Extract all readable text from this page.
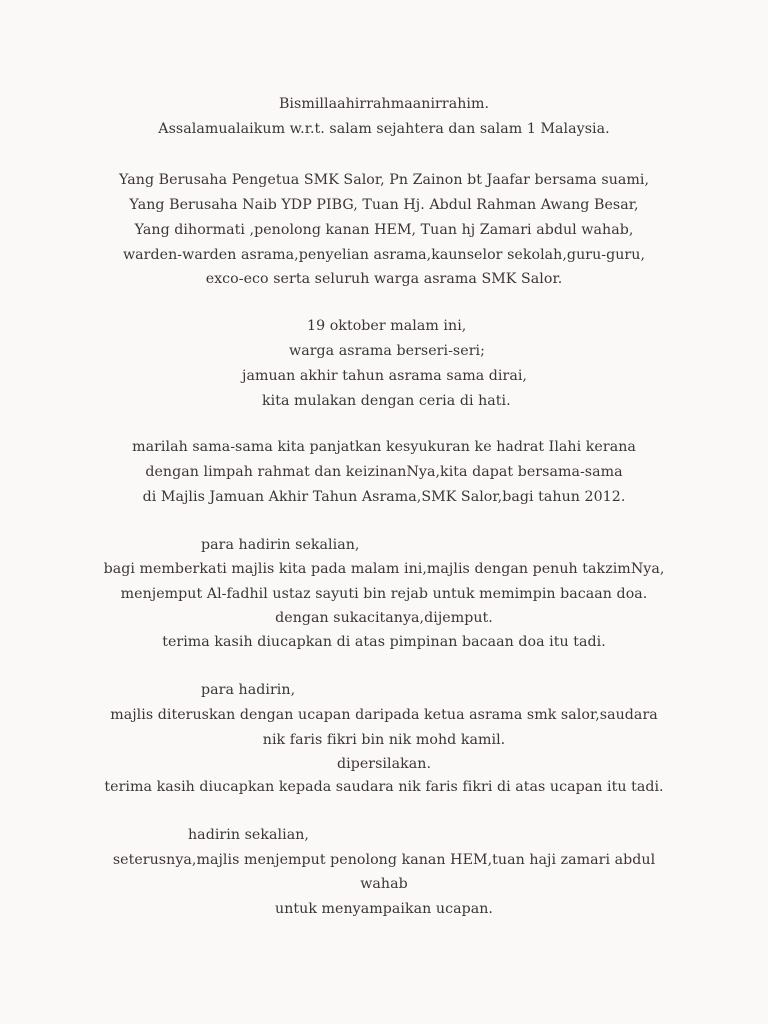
Bismillaahirrahmaanirrahim.
Assalamualaikum w.r.t. salam sejahtera dan salam 1 Malaysia.
Yang Berusaha Pengetua SMK Salor, Pn Zainon bt Jaafar bersama suami,
Yang Berusaha Naib YDP PIBG, Tuan Hj. Abdul Rahman Awang Besar,
Yang dihormati ,penolong kanan HEM, Tuan hj Zamari abdul wahab,
warden-warden asrama,penyelian asrama,kaunselor sekolah,guru-guru,
exco-eco serta seluruh warga asrama SMK Salor.
19 oktober malam ini,
warga asrama berseri-seri;
jamuan akhir tahun asrama sama dirai,
kita mulakan dengan ceria di hati.
marilah sama-sama kita panjatkan kesyukuran ke hadrat Ilahi kerana
dengan limpah rahmat dan keizinanNya,kita dapat bersama-sama
di Majlis Jamuan Akhir Tahun Asrama,SMK Salor,bagi tahun 2012.
para hadirin sekalian,
bagi memberkati majlis kita pada malam ini,majlis dengan penuh takzimNya,
menjemput Al-fadhil ustaz sayuti bin rejab untuk memimpin bacaan doa.
dengan sukacitanya,dijemput.
terima kasih diucapkan di atas pimpinan bacaan doa itu tadi.
para hadirin,
majlis diteruskan dengan ucapan daripada ketua asrama smk salor,saudara
nik faris fikri bin nik mohd kamil.
dipersilakan.
terima kasih diucapkan kepada saudara nik faris fikri di atas ucapan itu tadi.
hadirin sekalian,
seterusnya,majlis menjemput penolong kanan HEM,tuan haji zamari abdul
wahab
untuk menyampaikan ucapan.
